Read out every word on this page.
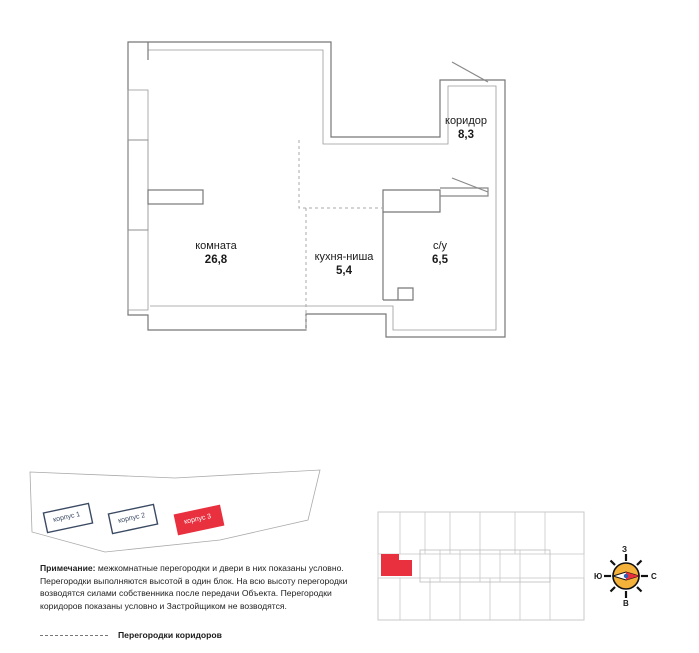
комната
26,8	кухня-ниша
5,4
с/у
6,5
коридор
8,3
корпус 1	корпус 2	корпус 3
Примечание: межкомнатные перегородки и двери в них показаны условно. Перегородки выполняются высотой в один блок. На всю высоту перегородки возводятся силами собственника после передачи Объекта. Перегородки коридоров показаны условно и Застройщиком не возводятся.
Перегородки коридоров
З
В
Ю	С
